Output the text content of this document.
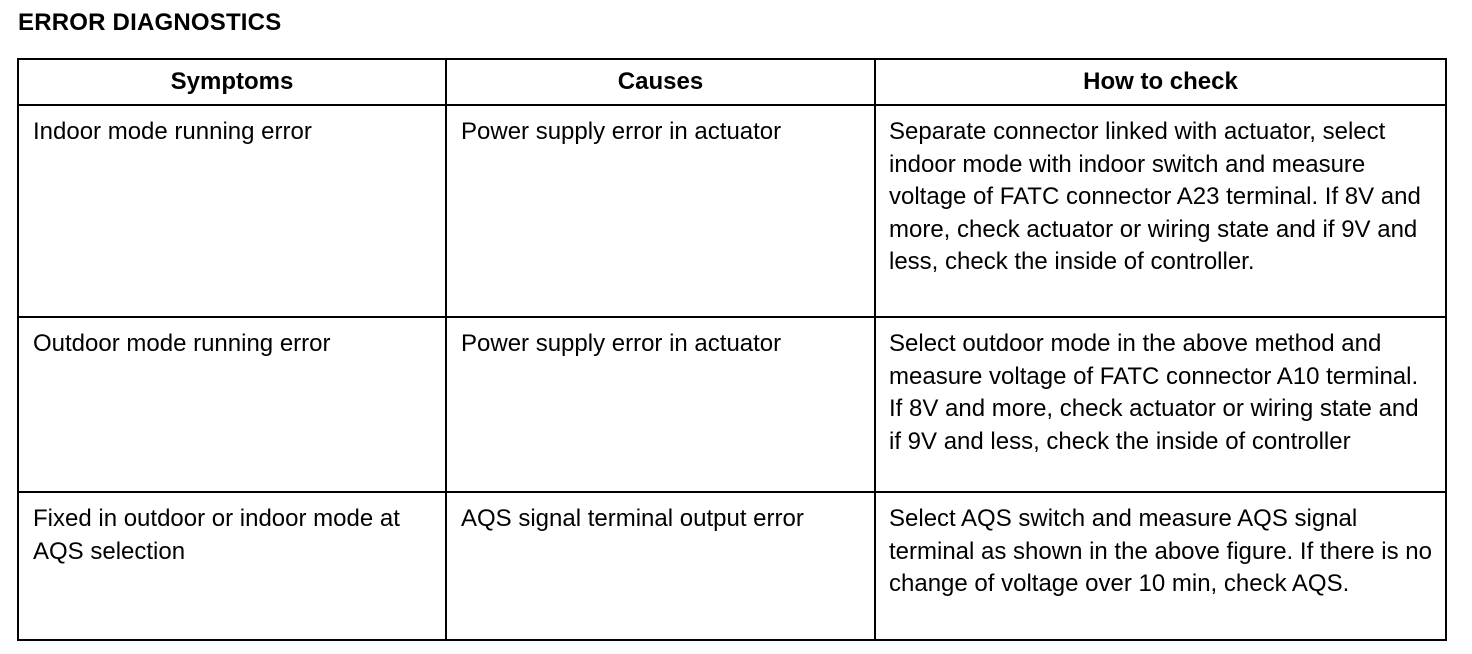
ERROR DIAGNOSTICS
Symptoms	Causes	How to check
Indoor mode running error	Power supply error in actuator	Separate connector linked with actuator, select indoor mode with indoor switch and measure voltage of FATC connector A23 terminal. If 8V and more, check actuator or wiring state and if 9V and less, check the inside of controller.
Outdoor mode running error	Power supply error in actuator	Select outdoor mode in the above method and measure voltage of FATC connector A10 terminal. If 8V and more, check actuator or wiring state and if 9V and less, check the inside of controller
Fixed in outdoor or indoor mode at AQS selection	AQS signal terminal output error	Select AQS switch and measure AQS signal terminal as shown in the above figure. If there is no change of voltage over 10 min, check AQS.
